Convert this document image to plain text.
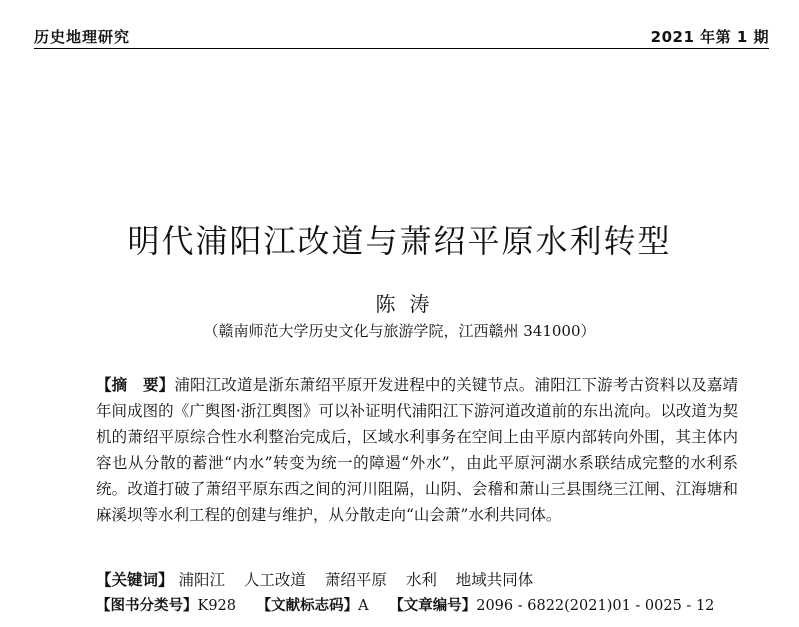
历史地理研究	2021 年第 1 期
明代浦阳江改道与萧绍平原水利转型
陈涛
（赣南师范大学历史文化与旅游学院，江西赣州 341000）
【摘　要】浦阳江改道是浙东萧绍平原开发进程中的关键节点。浦阳江下游考古资料以及嘉靖年间成图的《广舆图·浙江舆图》可以补证明代浦阳江下游河道改道前的东出流向。以改道为契机的萧绍平原综合性水利整治完成后，区域水利事务在空间上由平原内部转向外围，其主体内容也从分散的蓄泄“内水”转变为统一的障遏“外水”，由此平原河湖水系联结成完整的水利系统。改道打破了萧绍平原东西之间的河川阻隔，山阴、会稽和萧山三县围绕三江闸、江海塘和麻溪坝等水利工程的创建与维护，从分散走向“山会萧”水利共同体。
【关键词】 浦阳江 人工改道 萧绍平原 水利 地域共同体
【图书分类号】K928 【文献标志码】A 【文章编号】2096 - 6822(2021)01 - 0025 - 12
